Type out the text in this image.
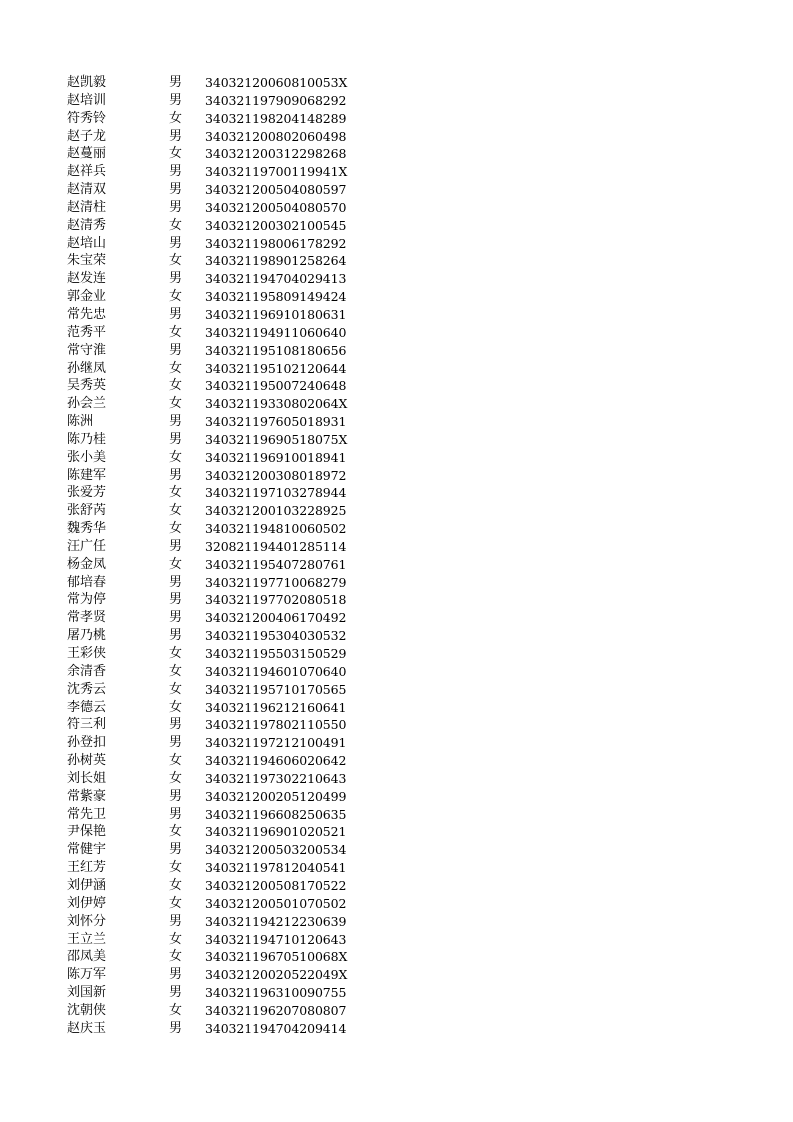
赵凯毅	男	34032120060810053X
赵培训	男	340321197909068292
符秀铃	女	340321198204148289
赵子龙	男	340321200802060498
赵蔓丽	女	340321200312298268
赵祥兵	男	34032119700119941X
赵清双	男	340321200504080597
赵清柱	男	340321200504080570
赵清秀	女	340321200302100545
赵培山	男	340321198006178292
朱宝荣	女	340321198901258264
赵发连	男	340321194704029413
郭金业	女	340321195809149424
常先忠	男	340321196910180631
范秀平	女	340321194911060640
常守淮	男	340321195108180656
孙继凤	女	340321195102120644
吴秀英	女	340321195007240648
孙会兰	女	34032119330802064X
陈洲	男	340321197605018931
陈乃桂	男	34032119690518075X
张小美	女	340321196910018941
陈建军	男	340321200308018972
张爱芳	女	340321197103278944
张舒芮	女	340321200103228925
魏秀华	女	340321194810060502
汪广任	男	320821194401285114
杨金凤	女	340321195407280761
郁培春	男	340321197710068279
常为停	男	340321197702080518
常孝贤	男	340321200406170492
屠乃桃	男	340321195304030532
王彩侠	女	340321195503150529
余清香	女	340321194601070640
沈秀云	女	340321195710170565
李德云	女	340321196212160641
符三利	男	340321197802110550
孙登扣	男	340321197212100491
孙树英	女	340321194606020642
刘长姐	女	340321197302210643
常紫豪	男	340321200205120499
常先卫	男	340321196608250635
尹保艳	女	340321196901020521
常健宇	男	340321200503200534
王红芳	女	340321197812040541
刘伊涵	女	340321200508170522
刘伊婷	女	340321200501070502
刘怀分	男	340321194212230639
王立兰	女	340321194710120643
邵凤美	女	34032119670510068X
陈万军	男	34032120020522049X
刘国新	男	340321196310090755
沈朝侠	女	340321196207080807
赵庆玉	男	340321194704209414
